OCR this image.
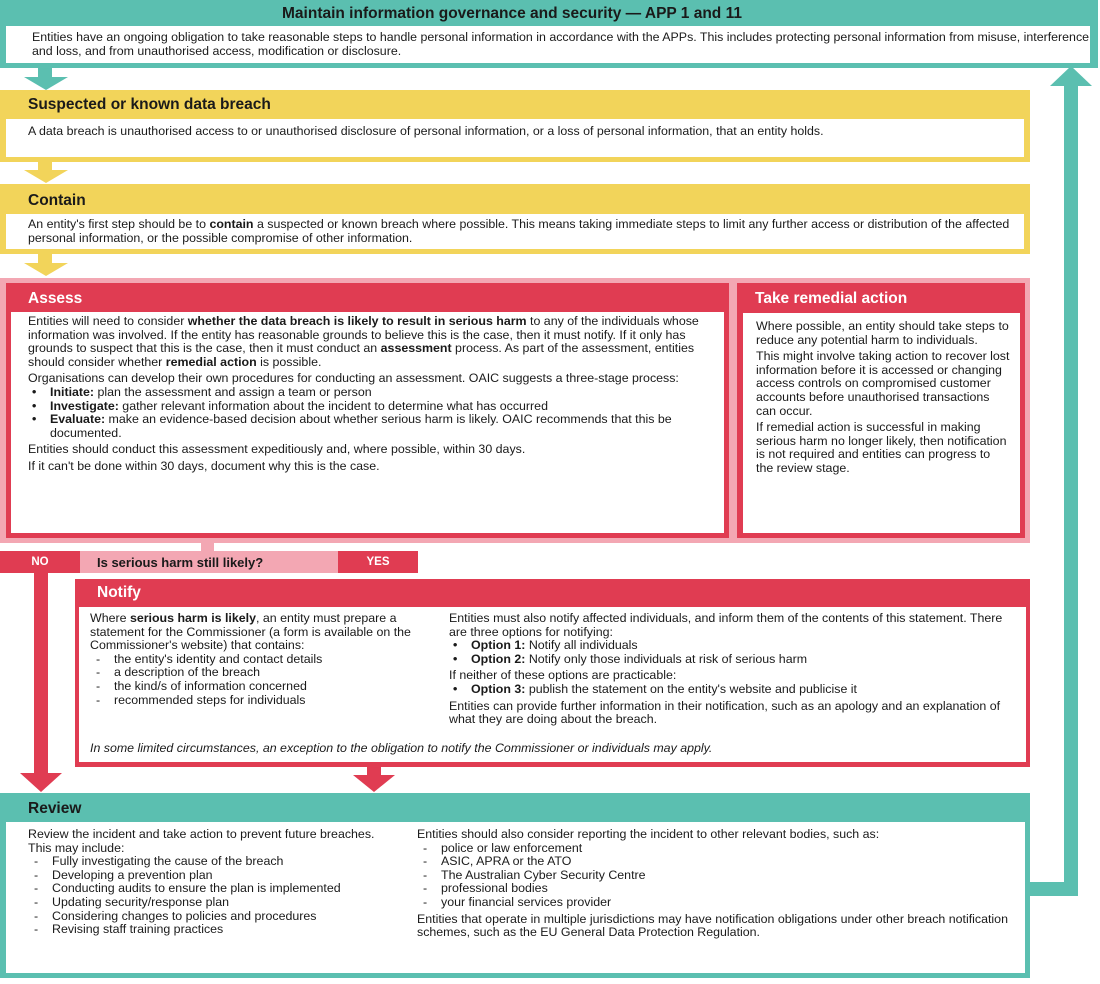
Maintain information governance and security — APP 1 and 11
Entities have an ongoing obligation to take reasonable steps to handle personal information in accordance with the APPs. This includes protecting personal information from misuse, interference and loss, and from unauthorised access, modification or disclosure.
Suspected or known data breach
A data breach is unauthorised access to or unauthorised disclosure of personal information, or a loss of personal information, that an entity holds.
Contain
An entity's first step should be to contain a suspected or known breach where possible. This means taking immediate steps to limit any further access or distribution of the affected personal information, or the possible compromise of other information.
Assess

Entities will need to consider whether the data breach is likely to result in serious harm to any of the individuals whose information was involved. If the entity has reasonable grounds to believe this is the case, then it must notify. If it only has grounds to suspect that this is the case, then it must conduct an assessment process. As part of the assessment, entities should consider whether remedial action is possible.

Organisations can develop their own procedures for conducting an assessment. OAIC suggests a three-stage process:

• Initiate: plan the assessment and assign a team or person
• Investigate: gather relevant information about the incident to determine what has occurred
• Evaluate: make an evidence-based decision about whether serious harm is likely. OAIC recommends that this be documented.

Entities should conduct this assessment expeditiously and, where possible, within 30 days.

If it can't be done within 30 days, document why this is the case.

Take remedial action

Where possible, an entity should take steps to reduce any potential harm to individuals.

This might involve taking action to recover lost information before it is accessed or changing access controls on compromised customer accounts before unauthorised transactions can occur.

If remedial action is successful in making serious harm no longer likely, then notification is not required and entities can progress to the review stage.

NO	Is serious harm still likely?	YES
Notify

Where serious harm is likely, an entity must prepare a statement for the Commissioner (a form is available on the Commissioner's website) that contains:

- the entity's identity and contact details
- a description of the breach
- the kind/s of information concerned
- recommended steps for individuals

Entities must also notify affected individuals, and inform them of the contents of this statement. There are three options for notifying:

• Option 1: Notify all individuals
• Option 2: Notify only those individuals at risk of serious harm

If neither of these options are practicable:

• Option 3: publish the statement on the entity's website and publicise it

Entities can provide further information in their notification, such as an apology and an explanation of what they are doing about the breach.

In some limited circumstances, an exception to the obligation to notify the Commissioner or individuals may apply.
Review

Review the incident and take action to prevent future breaches. This may include:

- Fully investigating the cause of the breach
- Developing a prevention plan
- Conducting audits to ensure the plan is implemented
- Updating security/response plan
- Considering changes to policies and procedures
- Revising staff training practices

Entities should also consider reporting the incident to other relevant bodies, such as:

- police or law enforcement
- ASIC, APRA or the ATO
- The Australian Cyber Security Centre
- professional bodies
- your financial services provider

Entities that operate in multiple jurisdictions may have notification obligations under other breach notification schemes, such as the EU General Data Protection Regulation.
